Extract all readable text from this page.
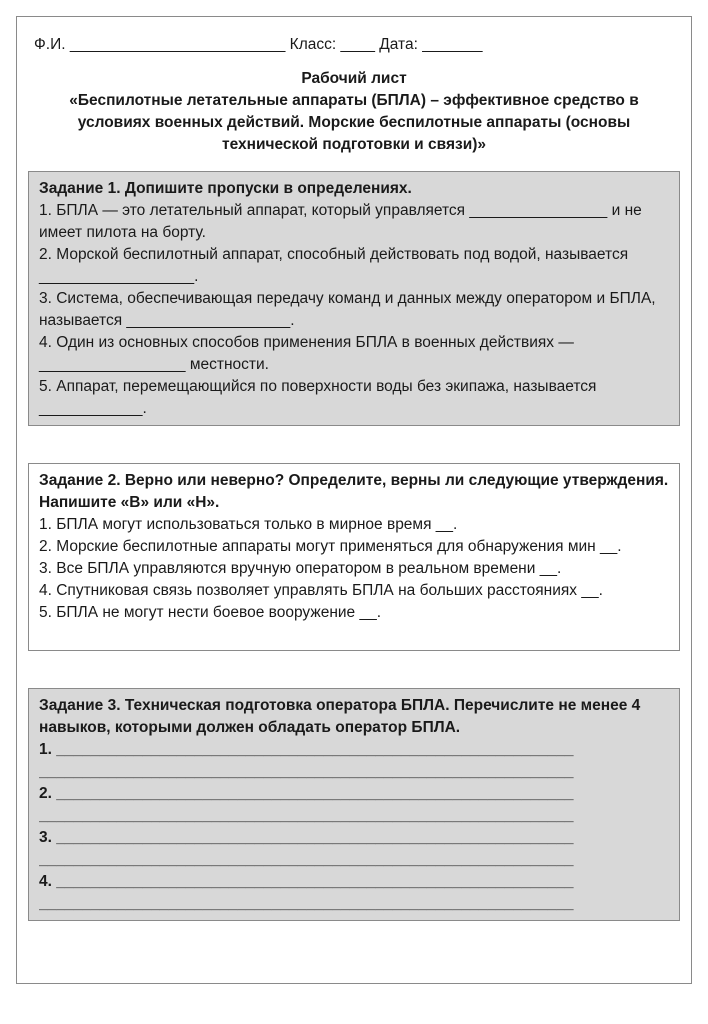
Ф.И. _________________________ Класс: ____ Дата: _______
Рабочий лист
«Беспилотные летательные аппараты (БПЛА) – эффективное средство в
условиях военных действий. Морские беспилотные аппараты (основы
технической подготовки и связи)»
Задание 1. Допишите пропуски в определениях.
1. БПЛА — это летательный аппарат, который управляется ________________ и не имеет пилота на борту.
2. Морской беспилотный аппарат, способный действовать под водой, называется __________________.
3. Система, обеспечивающая передачу команд и данных между оператором и БПЛА, называется ___________________.
4. Один из основных способов применения БПЛА в военных действиях — _________________ местности.
5. Аппарат, перемещающийся по поверхности воды без экипажа, называется ____________.
Задание 2. Верно или неверно? Определите, верны ли следующие утверждения. Напишите «В» или «Н».
1. БПЛА могут использоваться только в мирное время __.
2. Морские беспилотные аппараты могут применяться для обнаружения мин __.
3. Все БПЛА управляются вручную оператором в реальном времени __.
4. Спутниковая связь позволяет управлять БПЛА на больших расстояниях __.
5. БПЛА не могут нести боевое вооружение __.
Задание 3. Техническая подготовка оператора БПЛА. Перечислите не менее 4 навыков, которыми должен обладать оператор БПЛА.
1. ____________________________________________________________
______________________________________________________________
2. ____________________________________________________________
______________________________________________________________
3. ____________________________________________________________
______________________________________________________________
4. ____________________________________________________________
______________________________________________________________
